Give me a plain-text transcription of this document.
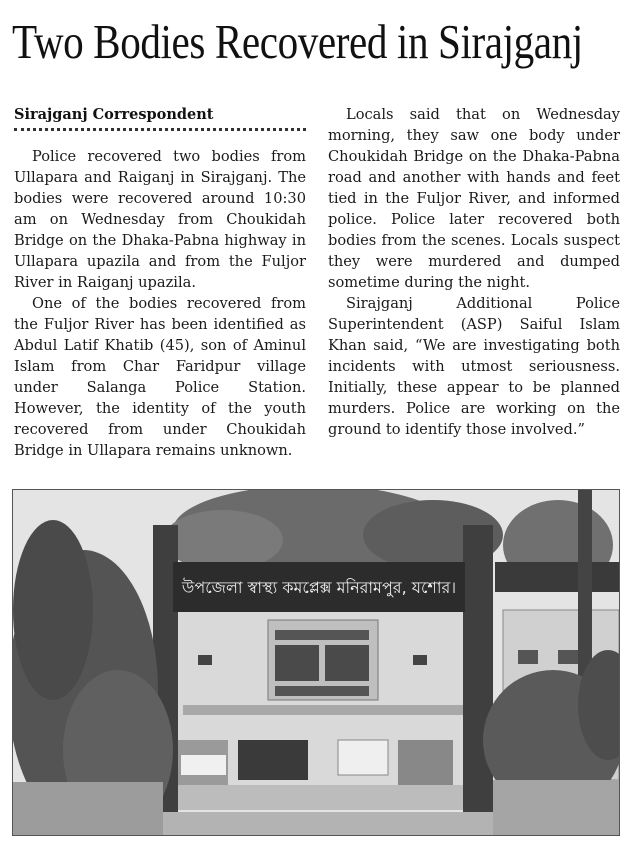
Two Bodies Recovered in Sirajganj
Sirajganj Correspondent

Police recovered two bodies from Ullapara and Raiganj in Sirajganj. The bodies were recovered around 10:30 am on Wednesday from Choukidah Bridge on the Dhaka-Pabna highway in Ullapara upazila and from the Fuljor River in Raiganj upazila.

One of the bodies recovered from the Fuljor River has been identified as Abdul Latif Khatib (45), son of Aminul Islam from Char Faridpur village under Salanga Police Station. However, the identity of the youth recovered from under Choukidah Bridge in Ullapara remains unknown.

Locals said that on Wednesday morning, they saw one body under Choukidah Bridge on the Dhaka-Pabna road and another with hands and feet tied in the Fuljor River, and informed police. Police later recovered both bodies from the scenes. Locals suspect they were murdered and dumped sometime during the night.

Sirajganj Additional Police Superintendent (ASP) Saiful Islam Khan said, “We are investigating both incidents with utmost seriousness. Initially, these appear to be planned murders. Police are working on the ground to identify those involved.”

উপজেলা স্বাস্থ্য কমপ্লেক্স মনিরামপুর, যশোর।
